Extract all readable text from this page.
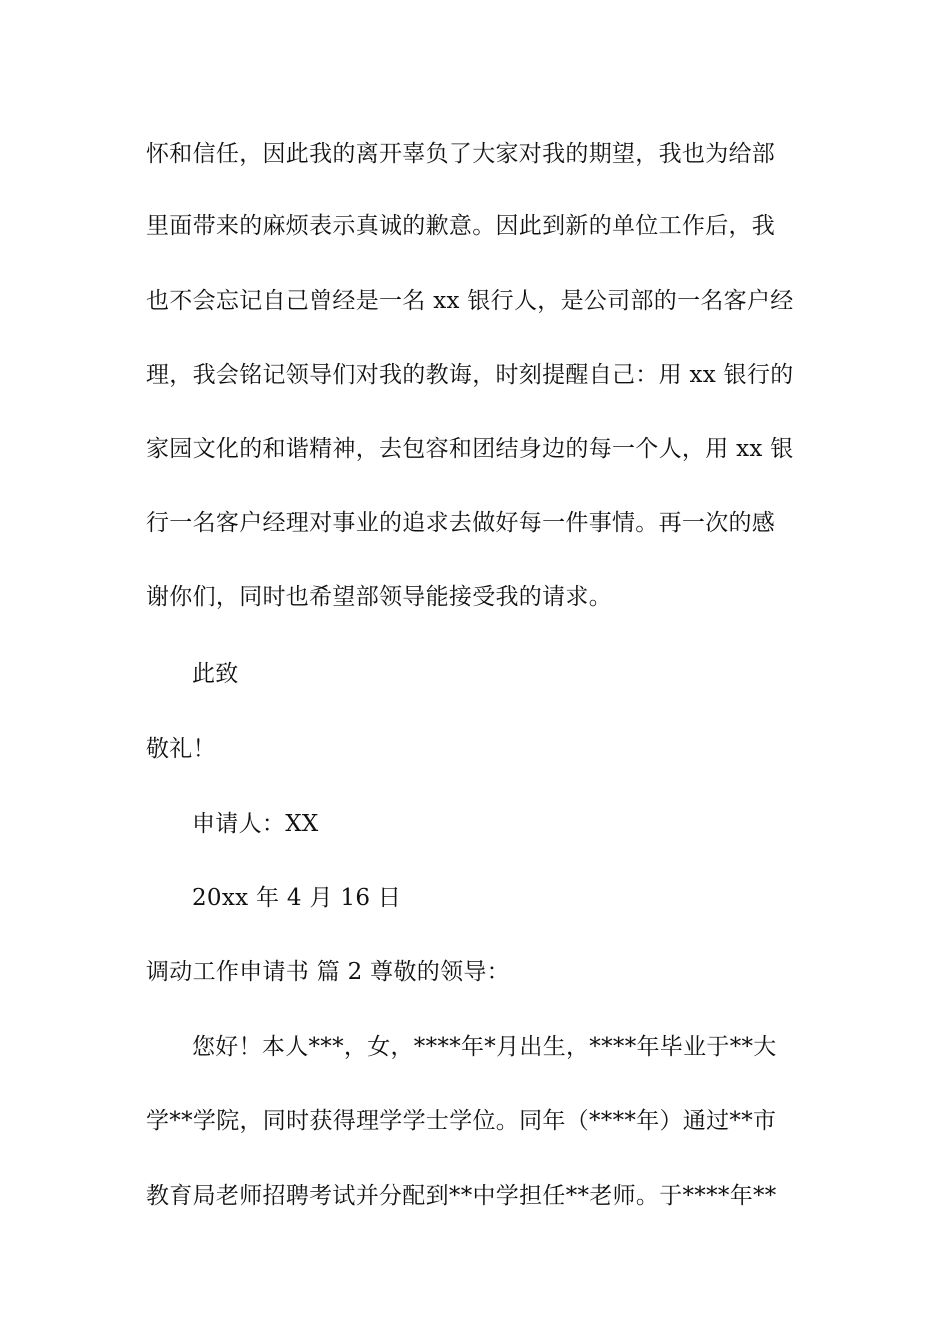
怀和信任，因此我的离开辜负了大家对我的期望，我也为给部
里面带来的麻烦表示真诚的歉意。因此到新的单位工作后，我
也不会忘记自己曾经是一名 xx 银行人，是公司部的一名客户经
理，我会铭记领导们对我的教诲，时刻提醒自己：用 xx 银行的
家园文化的和谐精神，去包容和团结身边的每一个人，用 xx 银
行一名客户经理对事业的追求去做好每一件事情。再一次的感
谢你们，同时也希望部领导能接受我的请求。
此致
敬礼！
申请人：XX
20xx 年 4 月 16 日
调动工作申请书 篇 2 尊敬的领导：
您好！本人***，女，****年*月出生，****年毕业于**大
学**学院，同时获得理学学士学位。同年（****年）通过**市
教育局老师招聘考试并分配到**中学担任**老师。于****年**
